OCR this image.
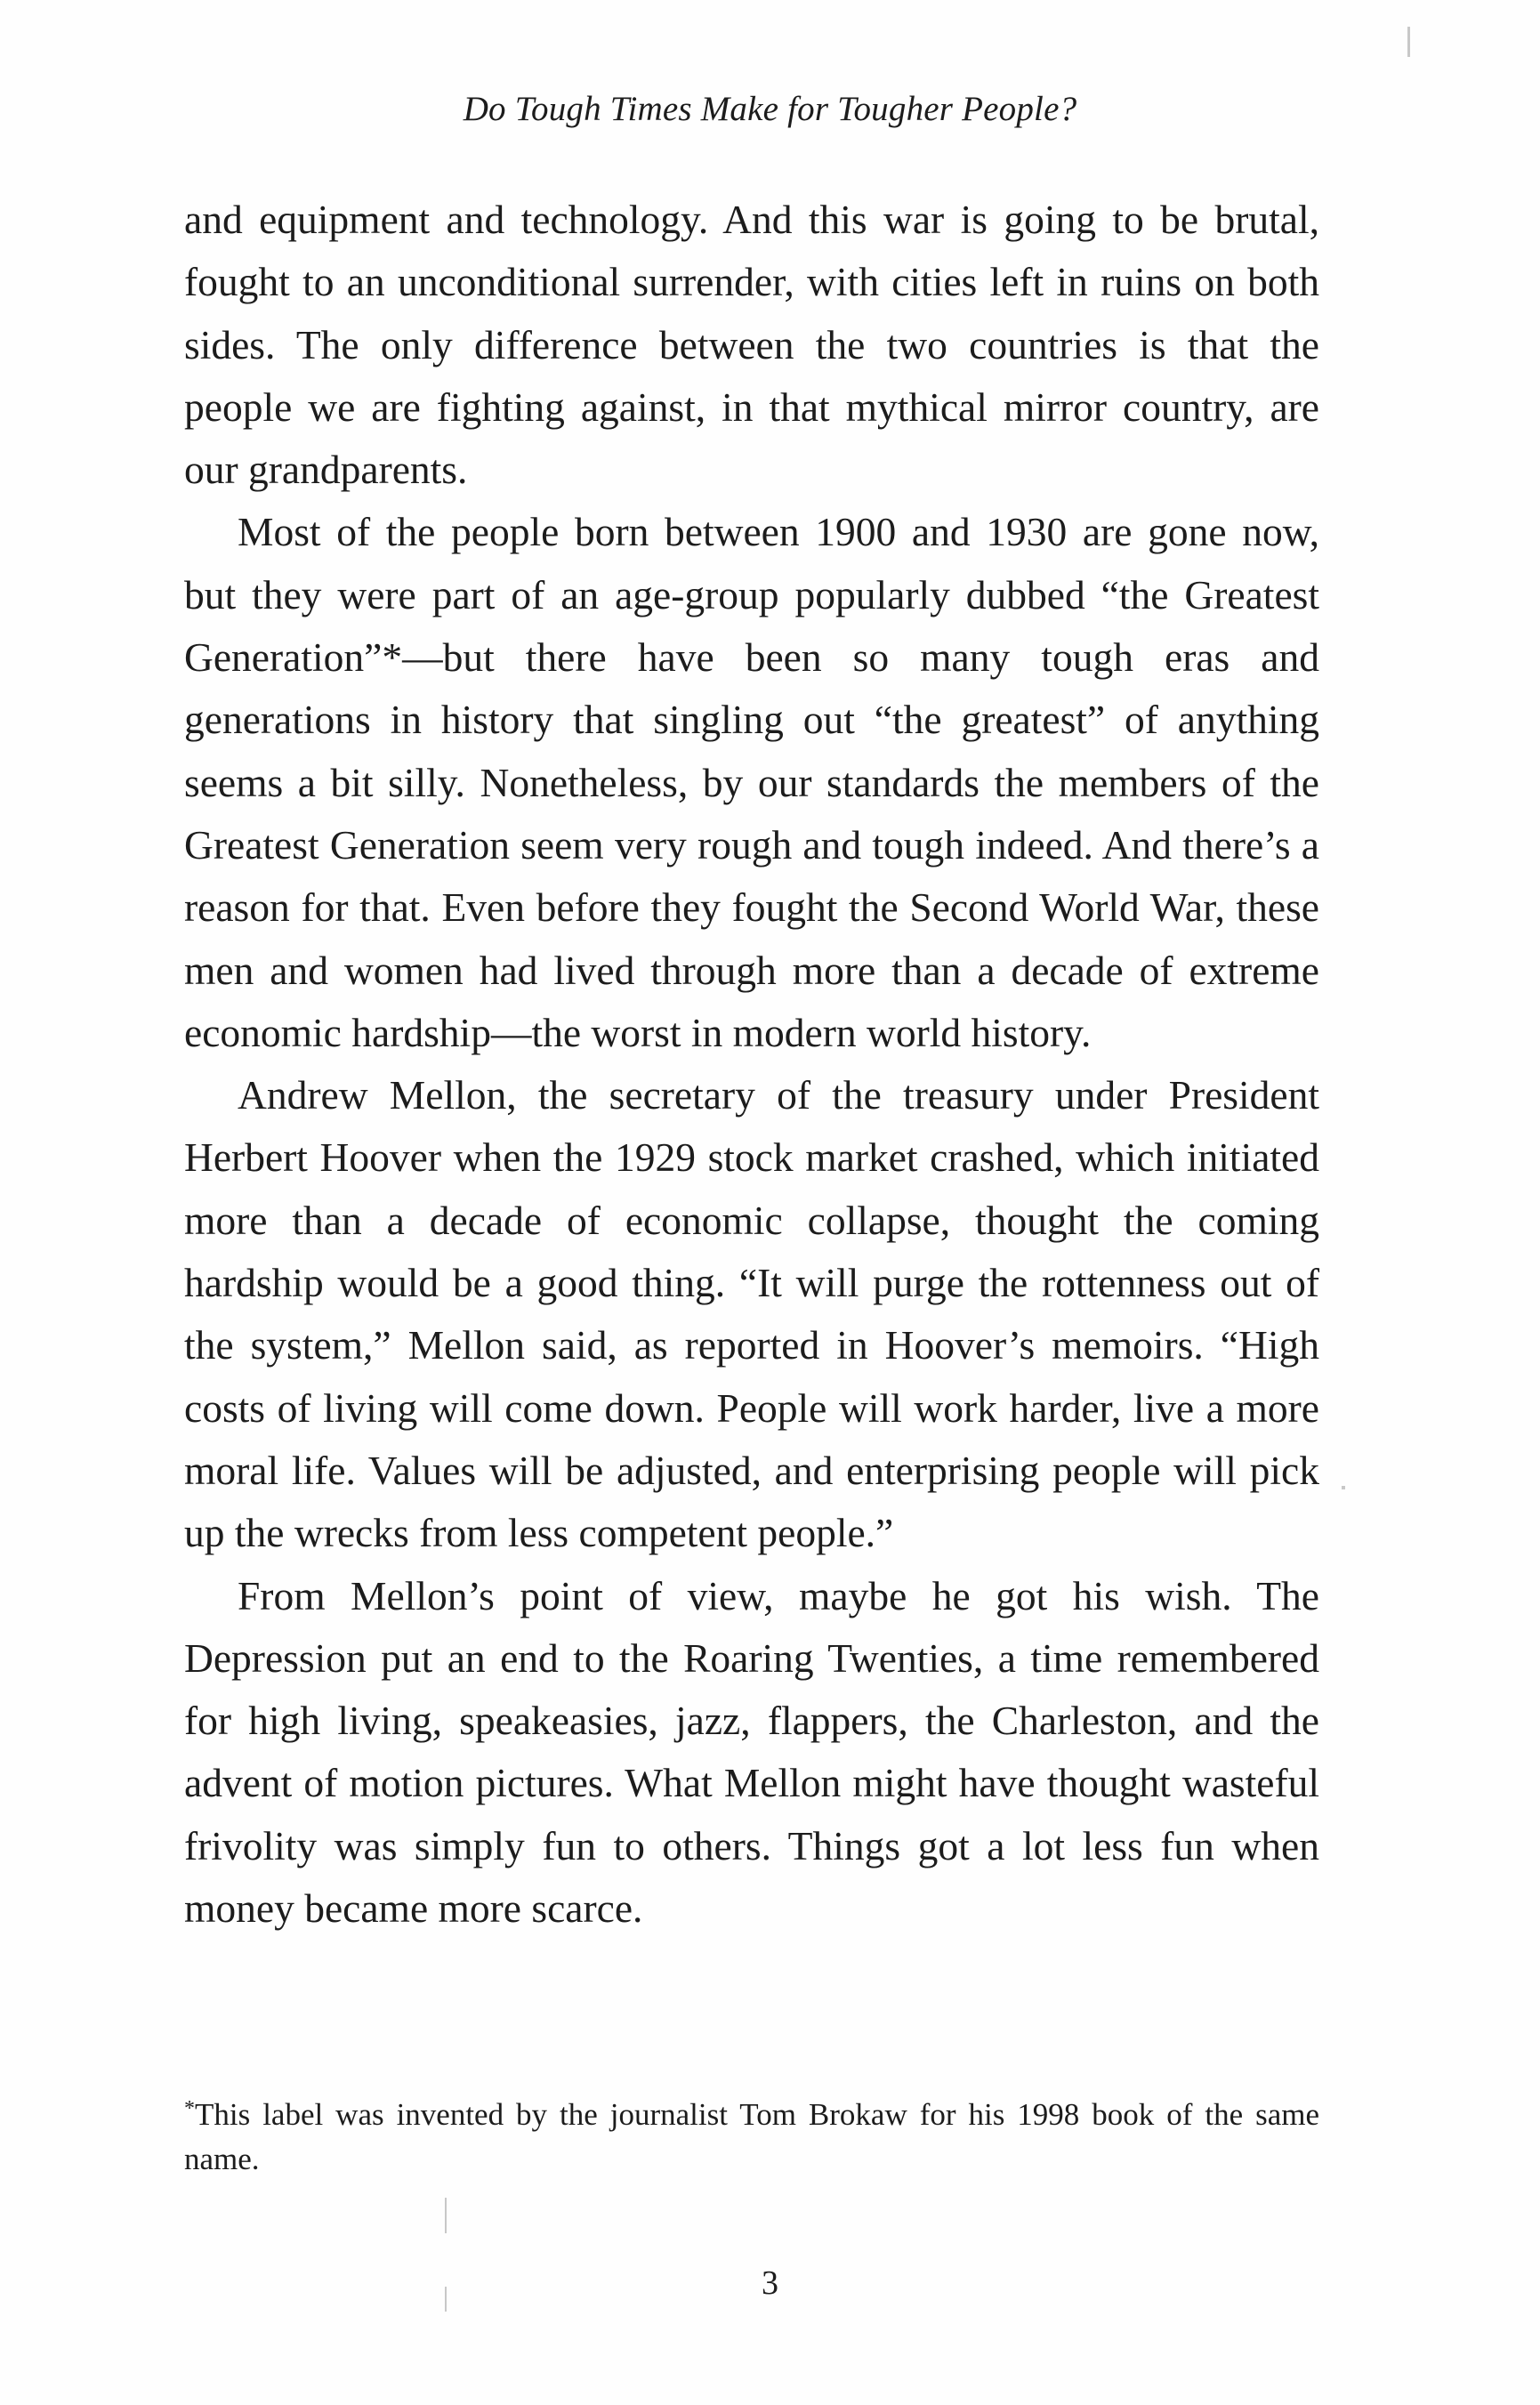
Do Tough Times Make for Tougher People?

and equipment and technology. And this war is going to be brutal, fought to an unconditional surrender, with cities left in ruins on both sides. The only difference between the two countries is that the people we are fighting against, in that mythical mirror country, are our grandparents.

Most of the people born between 1900 and 1930 are gone now, but they were part of an age-group popularly dubbed “the Greatest Generation”*—but there have been so many tough eras and generations in history that singling out “the greatest” of anything seems a bit silly. Nonetheless, by our standards the members of the Greatest Generation seem very rough and tough indeed. And there’s a reason for that. Even before they fought the Second World War, these men and women had lived through more than a decade of extreme economic hardship—the worst in modern world history.

Andrew Mellon, the secretary of the treasury under President Herbert Hoover when the 1929 stock market crashed, which initiated more than a decade of economic collapse, thought the coming hardship would be a good thing. “It will purge the rottenness out of the system,” Mellon said, as reported in Hoover’s memoirs. “High costs of living will come down. People will work harder, live a more moral life. Values will be adjusted, and enterprising people will pick up the wrecks from less competent people.”

From Mellon’s point of view, maybe he got his wish. The Depression put an end to the Roaring Twenties, a time remembered for high living, speakeasies, jazz, flappers, the Charleston, and the advent of motion pictures. What Mellon might have thought wasteful frivolity was simply fun to others. Things got a lot less fun when money became more scarce.

*This label was invented by the journalist Tom Brokaw for his 1998 book of the same name.
3
